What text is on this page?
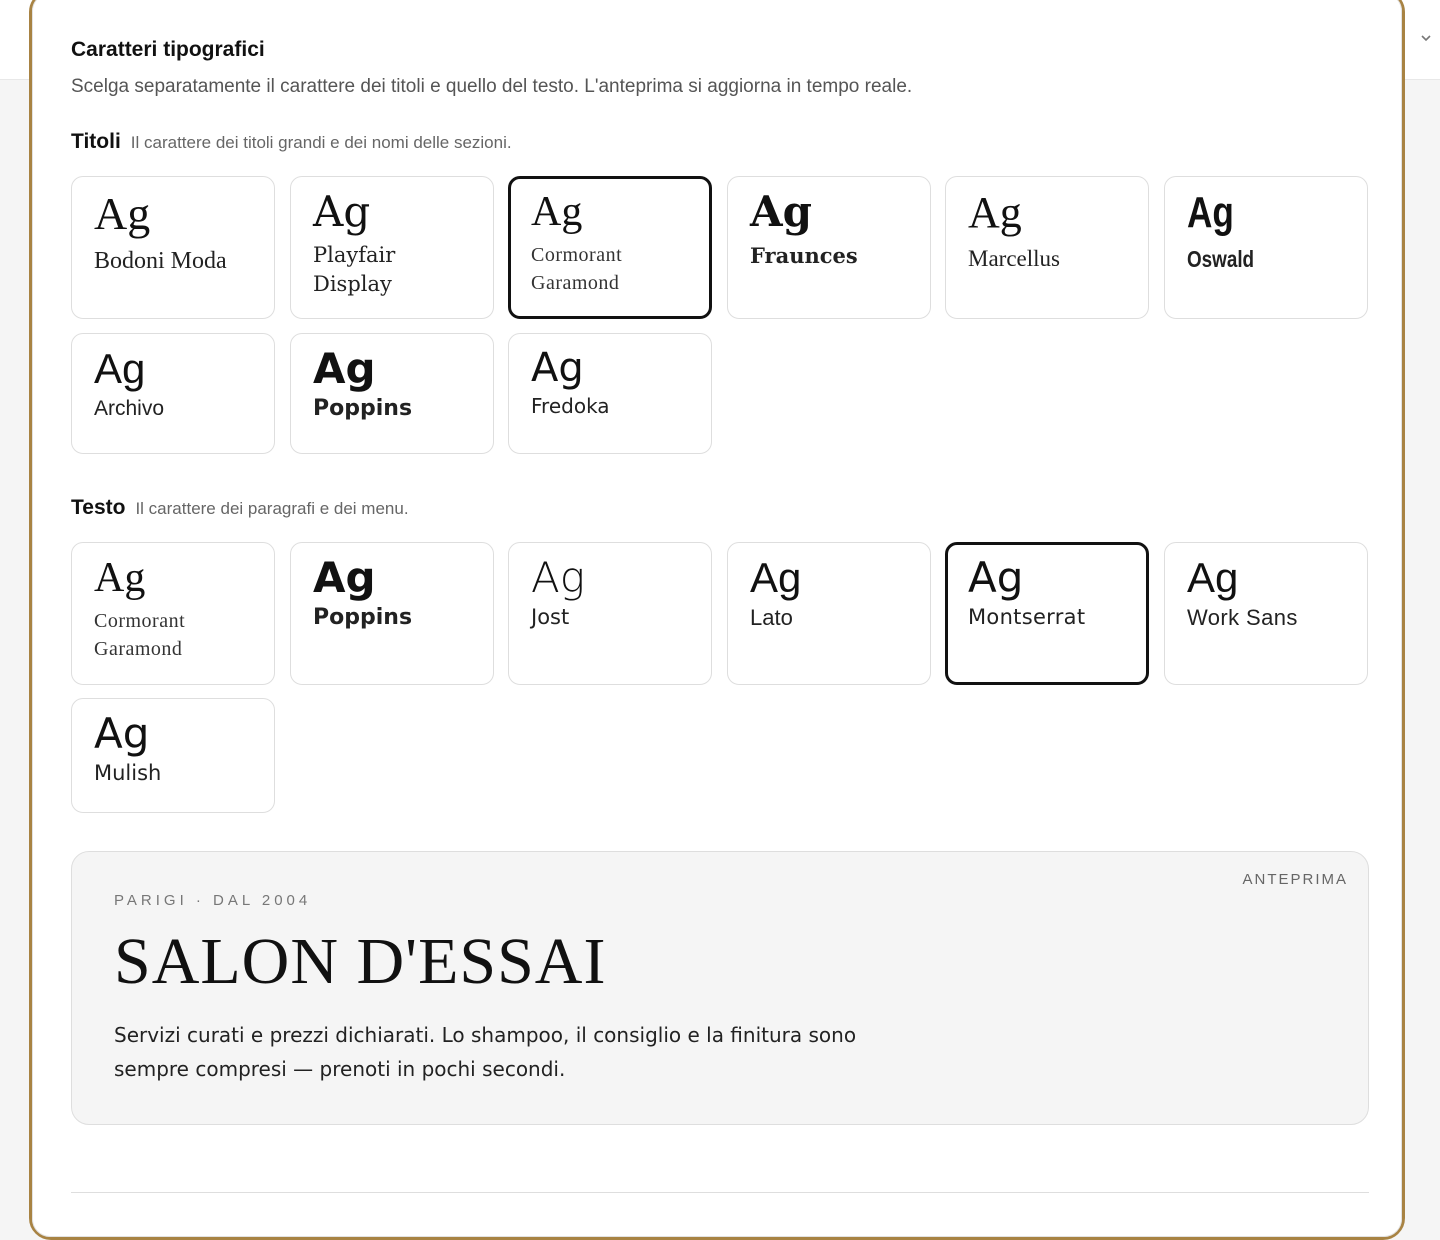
Caratteri tipografici
Scelga separatamente il carattere dei titoli e quello del testo. L'anteprima si aggiorna in tempo reale.
Titoli Il carattere dei titoli grandi e dei nomi delle sezioni.
Ag
Bodoni Moda
Ag
Playfair Display
Ag
Cormorant Garamond
Ag
Fraunces
Ag
Marcellus
Ag
Oswald
Ag
Archivo
Ag
Poppins
Ag
Fredoka
Testo Il carattere dei paragrafi e dei menu.
Ag
Cormorant Garamond
Ag
Poppins
Ag
Jost
Ag
Lato
Ag
Montserrat
Ag
Work Sans
Ag
Mulish
ANTEPRIMA
PARIGI · DAL 2004
SALON D'ESSAI
Servizi curati e prezzi dichiarati. Lo shampoo, il consiglio e la finitura sono sempre compresi — prenoti in pochi secondi.
